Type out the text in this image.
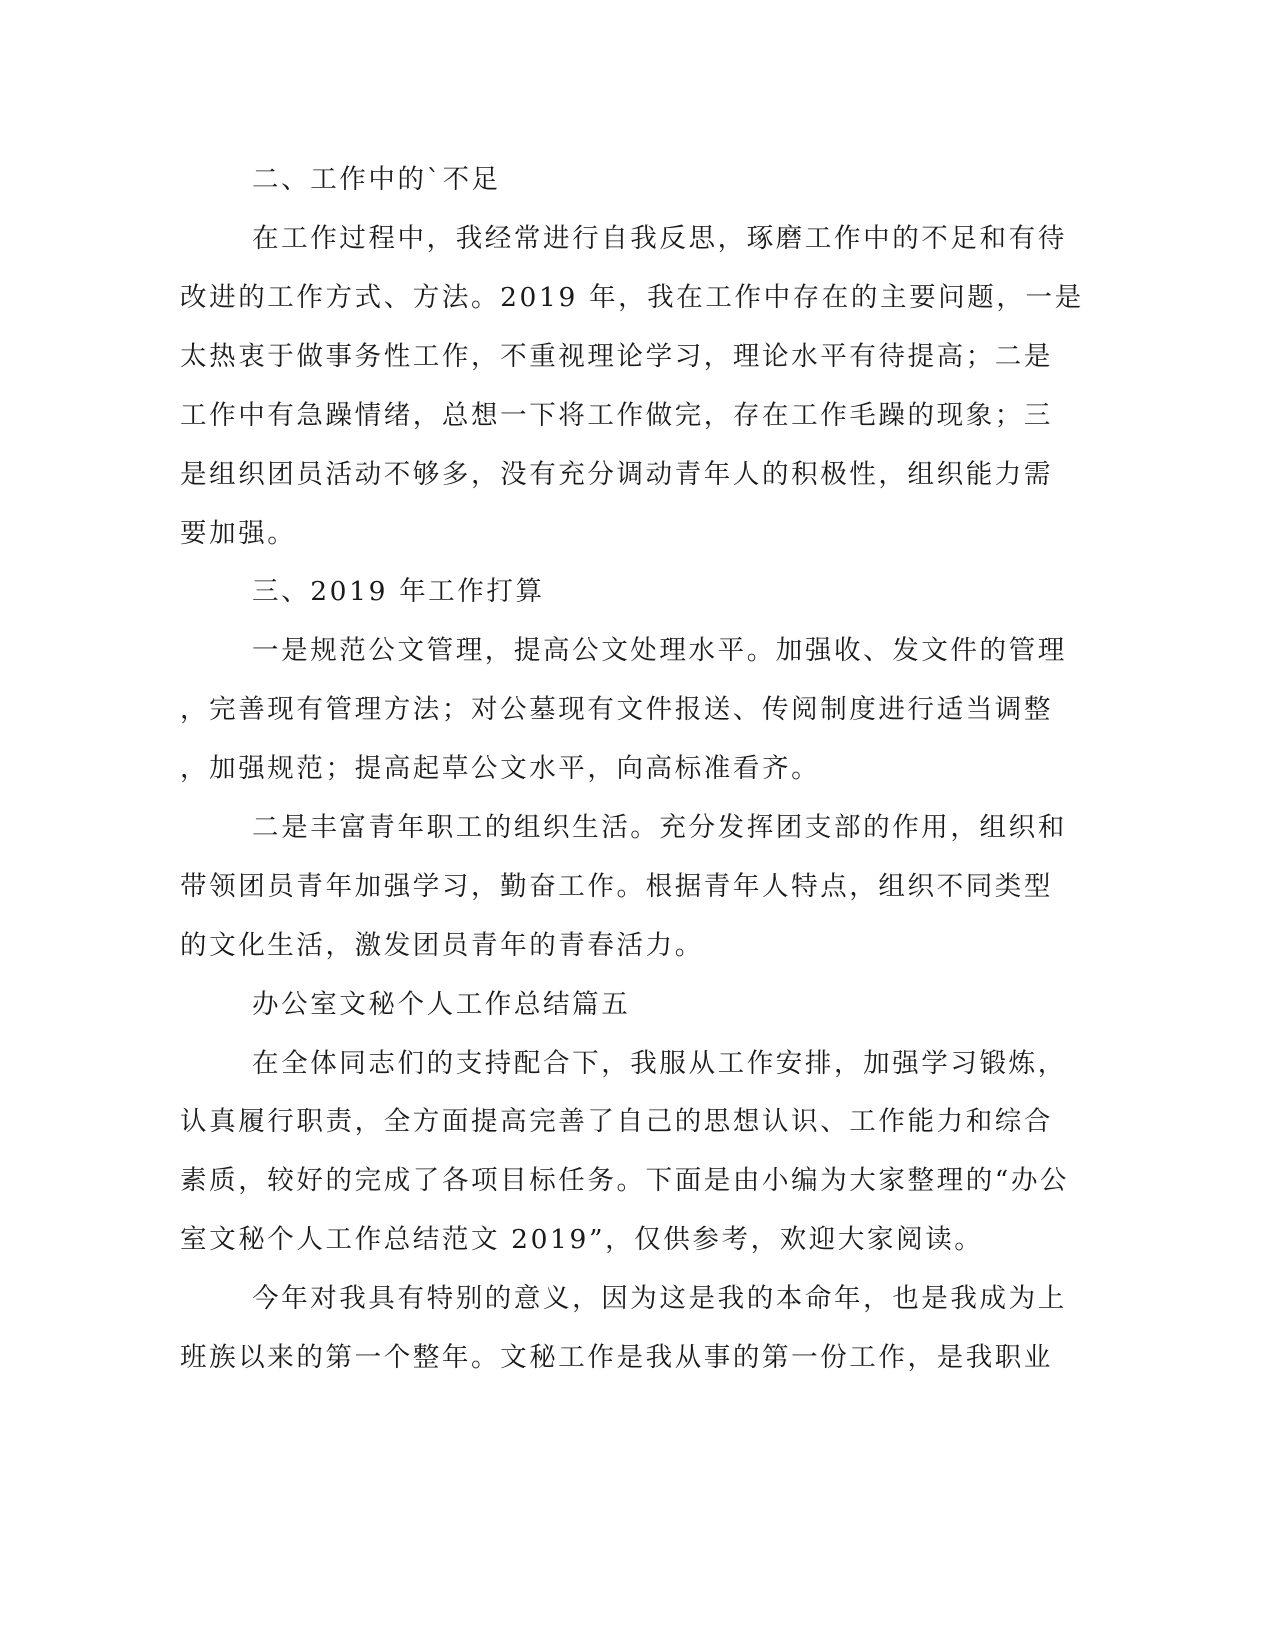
二、工作中的`不足
在工作过程中，我经常进行自我反思，琢磨工作中的不足和有待
改进的工作方式、方法。2019 年，我在工作中存在的主要问题，一是
太热衷于做事务性工作，不重视理论学习，理论水平有待提高；二是
工作中有急躁情绪，总想一下将工作做完，存在工作毛躁的现象；三
是组织团员活动不够多，没有充分调动青年人的积极性，组织能力需
要加强。
三、2019 年工作打算
一是规范公文管理，提高公文处理水平。加强收、发文件的管理
，完善现有管理方法；对公墓现有文件报送、传阅制度进行适当调整
，加强规范；提高起草公文水平，向高标准看齐。
二是丰富青年职工的组织生活。充分发挥团支部的作用，组织和
带领团员青年加强学习，勤奋工作。根据青年人特点，组织不同类型
的文化生活，激发团员青年的青春活力。
办公室文秘个人工作总结篇五
在全体同志们的支持配合下，我服从工作安排，加强学习锻炼，
认真履行职责，全方面提高完善了自己的思想认识、工作能力和综合
素质，较好的完成了各项目标任务。下面是由小编为大家整理的“办公
室文秘个人工作总结范文 2019”，仅供参考，欢迎大家阅读。
今年对我具有特别的意义，因为这是我的本命年，也是我成为上
班族以来的第一个整年。文秘工作是我从事的第一份工作，是我职业
